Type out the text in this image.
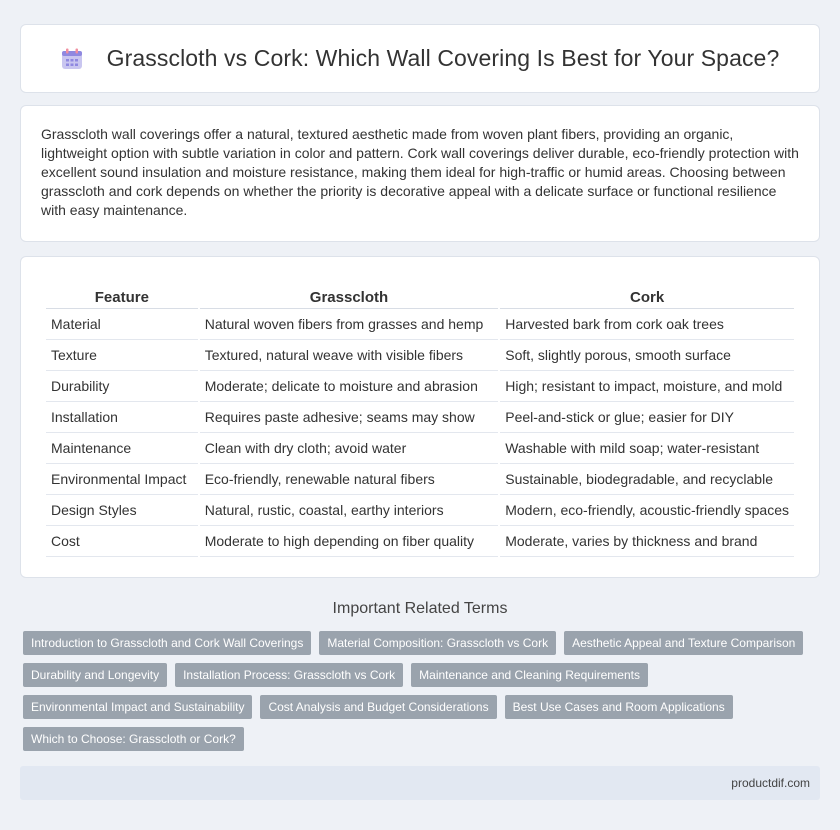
Grasscloth vs Cork: Which Wall Covering Is Best for Your Space?

Grasscloth wall coverings offer a natural, textured aesthetic made from woven plant fibers, providing an organic, lightweight option with subtle variation in color and pattern. Cork wall coverings deliver durable, eco-friendly protection with excellent sound insulation and moisture resistance, making them ideal for high-traffic or humid areas. Choosing between grasscloth and cork depends on whether the priority is decorative appeal with a delicate surface or functional resilience with easy maintenance.

Feature	Grasscloth	Cork
Material	Natural woven fibers from grasses and hemp	Harvested bark from cork oak trees
Texture	Textured, natural weave with visible fibers	Soft, slightly porous, smooth surface
Durability	Moderate; delicate to moisture and abrasion	High; resistant to impact, moisture, and mold
Installation	Requires paste adhesive; seams may show	Peel-and-stick or glue; easier for DIY
Maintenance	Clean with dry cloth; avoid water	Washable with mild soap; water-resistant
Environmental Impact	Eco-friendly, renewable natural fibers	Sustainable, biodegradable, and recyclable
Design Styles	Natural, rustic, coastal, earthy interiors	Modern, eco-friendly, acoustic-friendly spaces
Cost	Moderate to high depending on fiber quality	Moderate, varies by thickness and brand
Important Related Terms
Introduction to Grasscloth and Cork Wall Coverings	Material Composition: Grasscloth vs Cork	Aesthetic Appeal and Texture Comparison
Durability and Longevity	Installation Process: Grasscloth vs Cork	Maintenance and Cleaning Requirements
Environmental Impact and Sustainability	Cost Analysis and Budget Considerations	Best Use Cases and Room Applications
Which to Choose: Grasscloth or Cork?
productdif.com
